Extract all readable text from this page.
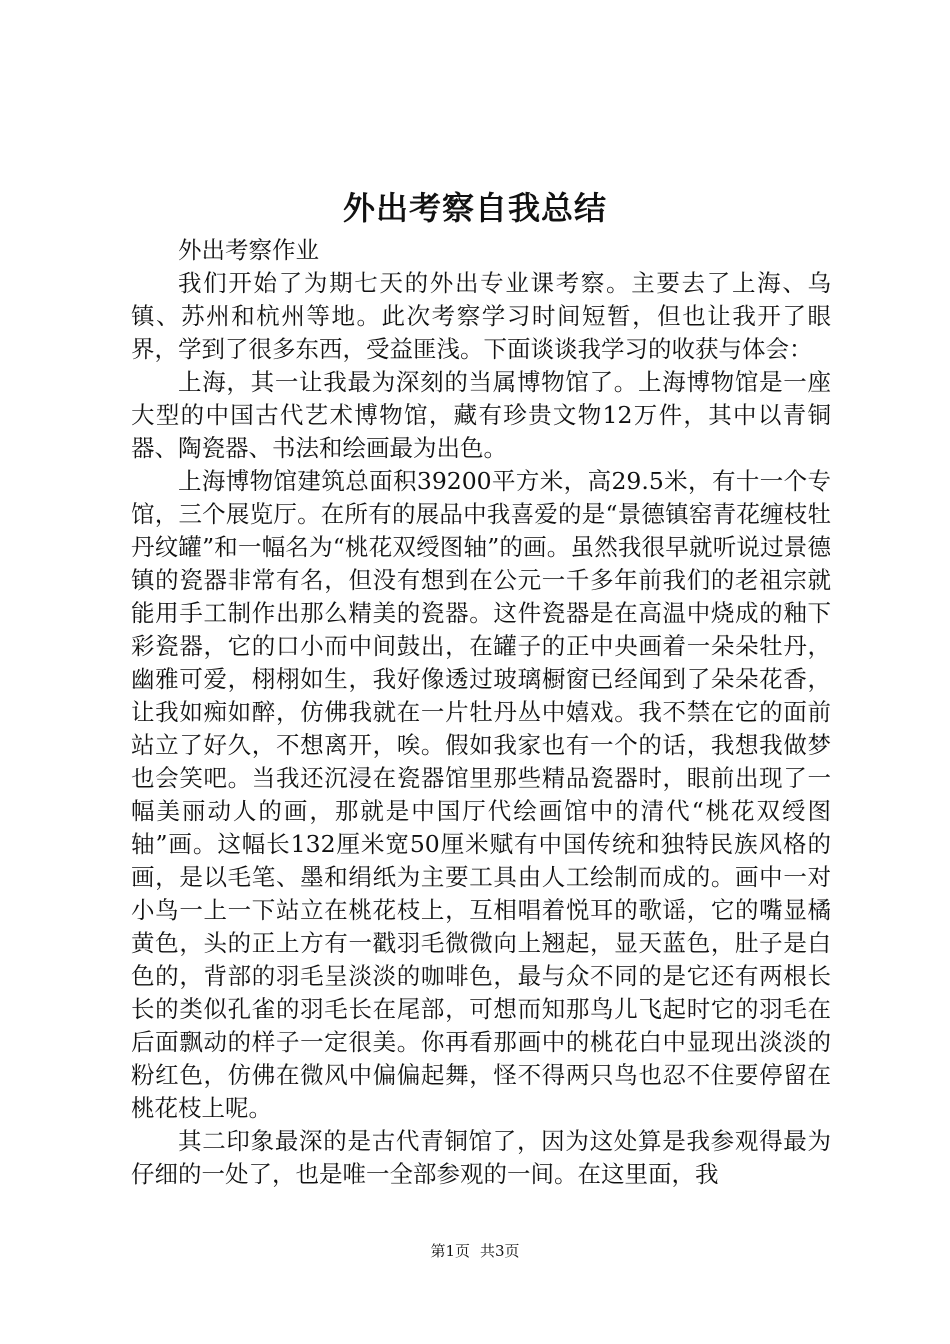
外出考察自我总结

外出考察作业

我们开始了为期七天的外出专业课考察。主要去了上海、乌镇、苏州和杭州等地。此次考察学习时间短暂，但也让我开了眼界，学到了很多东西，受益匪浅。下面谈谈我学习的收获与体会：

上海，其一让我最为深刻的当属博物馆了。上海博物馆是一座大型的中国古代艺术博物馆，藏有珍贵文物12万件，其中以青铜器、陶瓷器、书法和绘画最为出色。

上海博物馆建筑总面积39200平方米，高29.5米，有十一个专馆，三个展览厅。在所有的展品中我喜爱的是“景德镇窑青花缠枝牡丹纹罐”和一幅名为“桃花双绶图轴”的画。虽然我很早就听说过景德镇的瓷器非常有名，但没有想到在公元一千多年前我们的老祖宗就能用手工制作出那么精美的瓷器。这件瓷器是在高温中烧成的釉下彩瓷器，它的口小而中间鼓出，在罐子的正中央画着一朵朵牡丹，幽雅可爱，栩栩如生，我好像透过玻璃橱窗已经闻到了朵朵花香，让我如痴如醉，仿佛我就在一片牡丹丛中嬉戏。我不禁在它的面前站立了好久，不想离开，唉。假如我家也有一个的话，我想我做梦也会笑吧。当我还沉浸在瓷器馆里那些精品瓷器时，眼前出现了一幅美丽动人的画，那就是中国厅代绘画馆中的清代“桃花双绶图轴”画。这幅长132厘米宽50厘米赋有中国传统和独特民族风格的画，是以毛笔、墨和绢纸为主要工具由人工绘制而成的。画中一对小鸟一上一下站立在桃花枝上，互相唱着悦耳的歌谣，它的嘴显橘黄色，头的正上方有一戳羽毛微微向上翘起，显天蓝色，肚子是白色的，背部的羽毛呈淡淡的咖啡色，最与众不同的是它还有两根长长的类似孔雀的羽毛长在尾部，可想而知那鸟儿飞起时它的羽毛在后面飘动的样子一定很美。你再看那画中的桃花白中显现出淡淡的粉红色，仿佛在微风中偏偏起舞，怪不得两只鸟也忍不住要停留在桃花枝上呢。

其二印象最深的是古代青铜馆了，因为这处算是我参观得最为仔细的一处了，也是唯一全部参观的一间。在这里面，我

第1页 共3页
